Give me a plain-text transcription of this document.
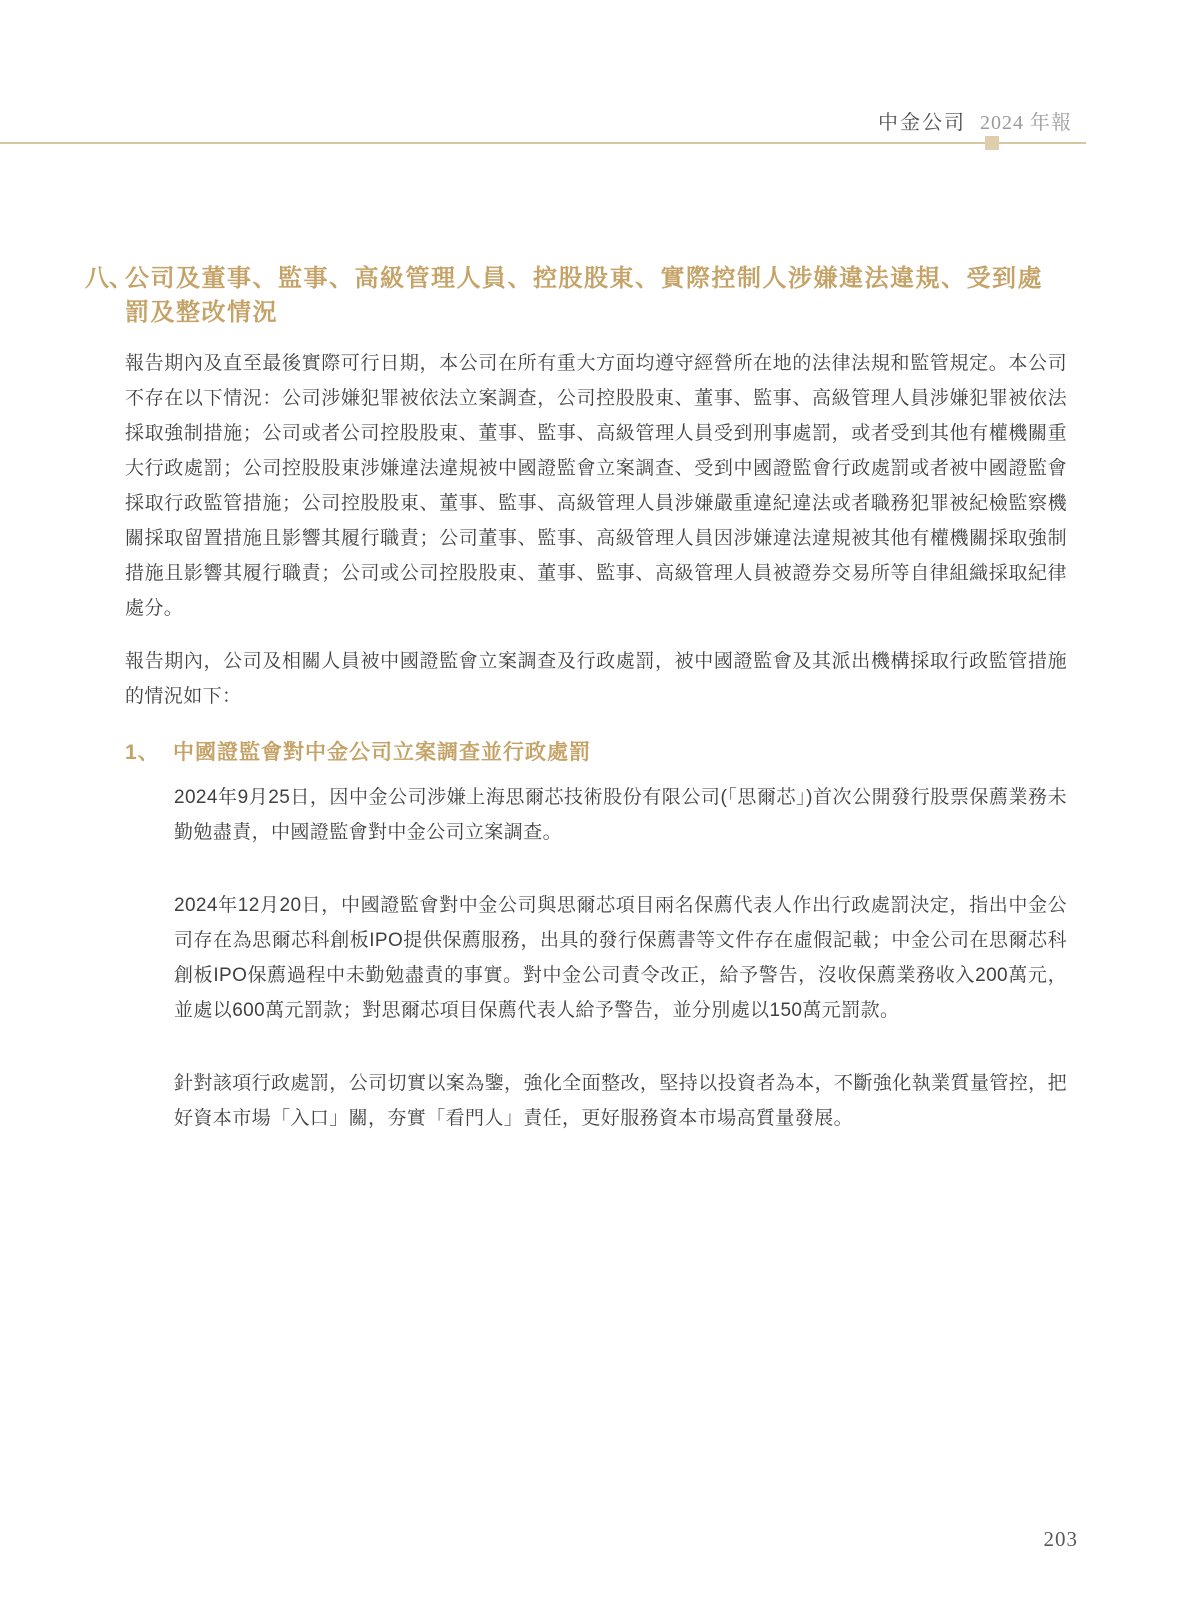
中金公司 2024 年報
八、公司及董事、監事、高級管理人員、控股股東、實際控制人涉嫌違法違規、受到處罰及整改情況

報告期內及直至最後實際可行日期，本公司在所有重大方面均遵守經營所在地的法律法規和監管規定。本公司不存在以下情況：公司涉嫌犯罪被依法立案調查，公司控股股東、董事、監事、高級管理人員涉嫌犯罪被依法採取強制措施；公司或者公司控股股東、董事、監事、高級管理人員受到刑事處罰，或者受到其他有權機關重大行政處罰；公司控股股東涉嫌違法違規被中國證監會立案調查、受到中國證監會行政處罰或者被中國證監會採取行政監管措施；公司控股股東、董事、監事、高級管理人員涉嫌嚴重違紀違法或者職務犯罪被紀檢監察機關採取留置措施且影響其履行職責；公司董事、監事、高級管理人員因涉嫌違法違規被其他有權機關採取強制措施且影響其履行職責；公司或公司控股股東、董事、監事、高級管理人員被證券交易所等自律組織採取紀律處分。

報告期內，公司及相關人員被中國證監會立案調查及行政處罰，被中國證監會及其派出機構採取行政監管措施的情況如下：

1、 中國證監會對中金公司立案調查並行政處罰

2024年9月25日，因中金公司涉嫌上海思爾芯技術股份有限公司(「思爾芯」)首次公開發行股票保薦業務未勤勉盡責，中國證監會對中金公司立案調查。

2024年12月20日，中國證監會對中金公司與思爾芯項目兩名保薦代表人作出行政處罰決定，指出中金公司存在為思爾芯科創板IPO提供保薦服務，出具的發行保薦書等文件存在虛假記載；中金公司在思爾芯科創板IPO保薦過程中未勤勉盡責的事實。對中金公司責令改正，給予警告，沒收保薦業務收入200萬元，並處以600萬元罰款；對思爾芯項目保薦代表人給予警告，並分別處以150萬元罰款。

針對該項行政處罰，公司切實以案為鑒，強化全面整改，堅持以投資者為本，不斷強化執業質量管控，把好資本市場「入口」關，夯實「看門人」責任，更好服務資本市場高質量發展。

203
